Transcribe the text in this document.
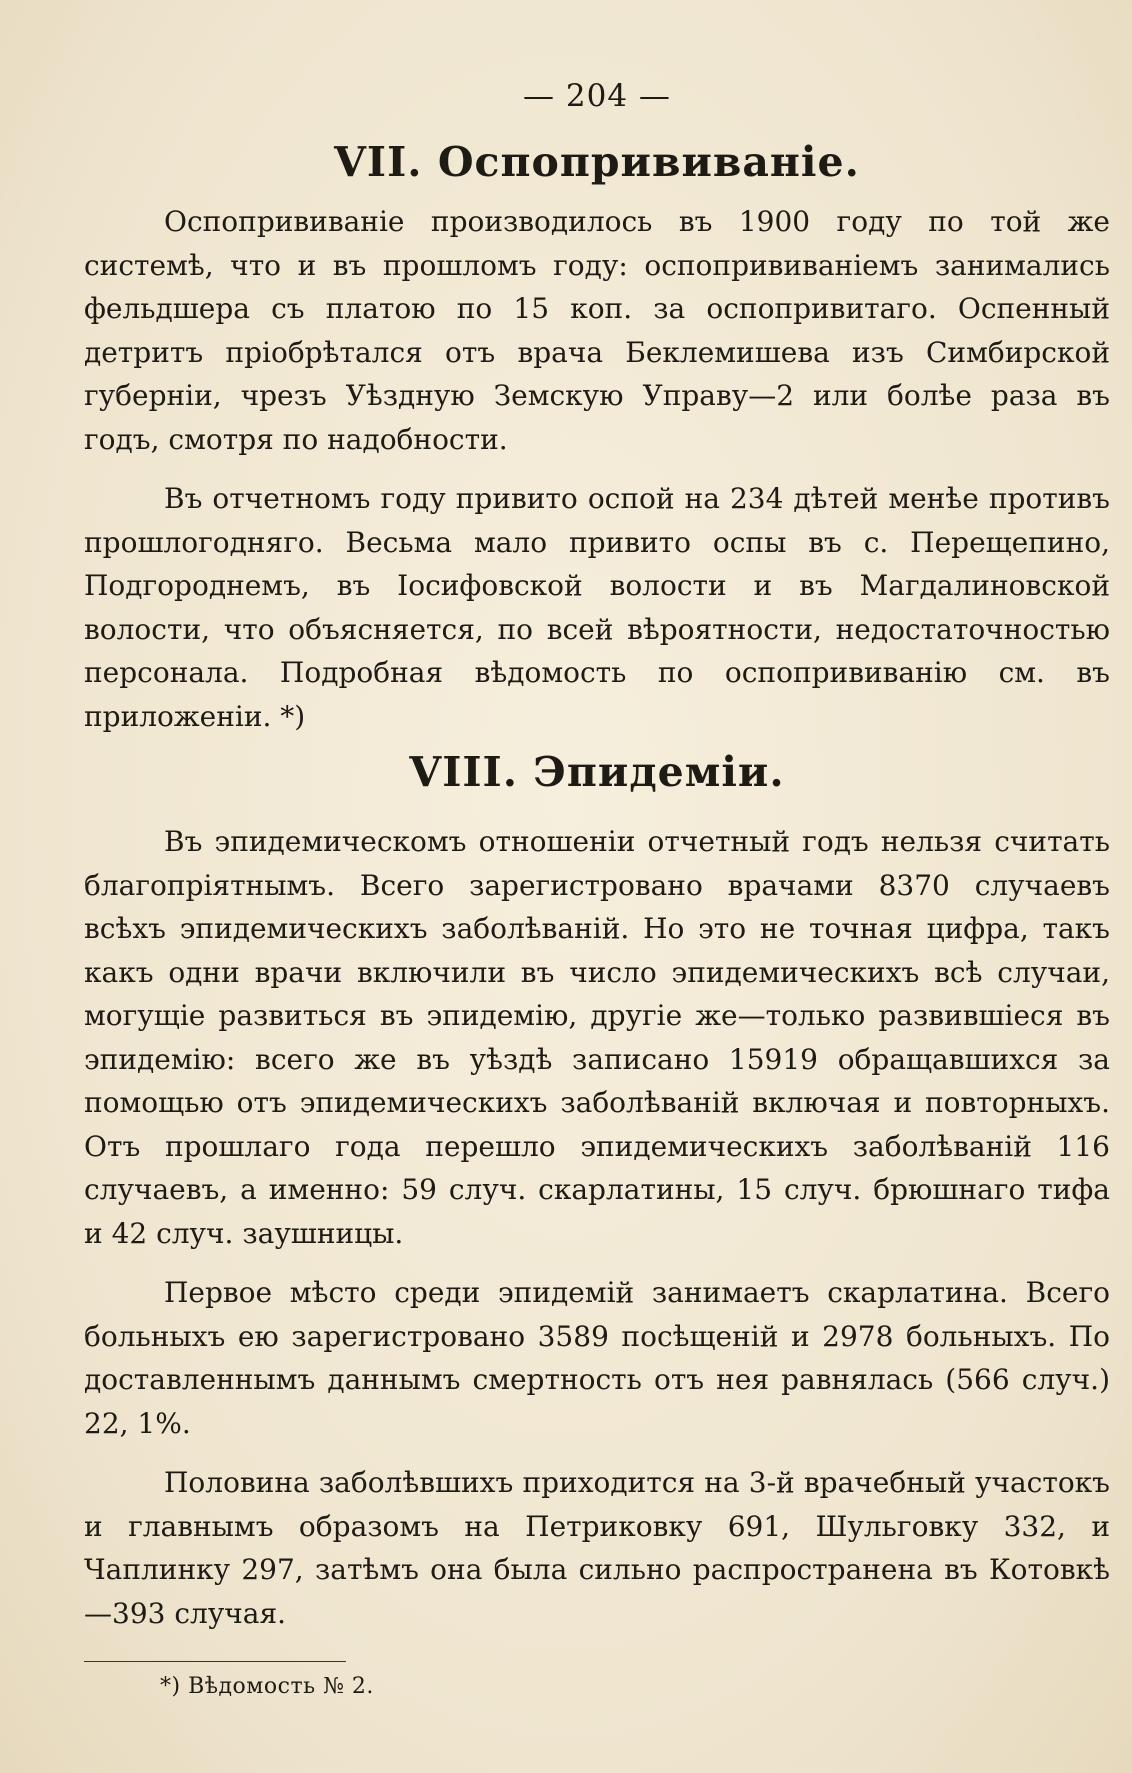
— 204 —
VII. Оспопрививаніе.

Оспопрививаніе производилось въ 1900 году по той же системѣ, что и въ прошломъ году: оспопрививаніемъ занимались фельдшера съ платою по 15 коп. за оспопривитаго. Оспенный детритъ пріобрѣтался отъ врача Беклемишева изъ Симбирской губерніи, чрезъ Уѣздную Земскую Управу—2 или болѣе раза въ годъ, смотря по надобности.

Въ отчетномъ году привито оспой на 234 дѣтей менѣе противъ прошлогодняго. Весьма мало привито оспы въ с. Перещепино, Подгороднемъ, въ Іосифовской волости и въ Магдалиновской волости, что объясняется, по всей вѣроятности, недостаточностью персонала. Подробная вѣдомость по оспопрививанію см. въ приложеніи. *)

VIII. Эпидеміи.

Въ эпидемическомъ отношеніи отчетный годъ нельзя считать благопріятнымъ. Всего зарегистровано врачами 8370 случаевъ всѣхъ эпидемическихъ заболѣваній. Но это не точная цифра, такъ какъ одни врачи включили въ число эпидемическихъ всѣ случаи, могущіе развиться въ эпидемію, другіе же—только развившіеся въ эпидемію: всего же въ уѣздѣ записано 15919 обращавшихся за помощью отъ эпидемическихъ заболѣваній включая и повторныхъ. Отъ прошлаго года перешло эпидемическихъ заболѣваній 116 случаевъ, а именно: 59 случ. скарлатины, 15 случ. брюшнаго тифа и 42 случ. заушницы.

Первое мѣсто среди эпидемій занимаетъ скарлатина. Всего больныхъ ею зарегистровано 3589 посѣщеній и 2978 больныхъ. По доставленнымъ даннымъ смертность отъ нея равнялась (566 случ.) 22, 1%.

Половина заболѣвшихъ приходится на 3-й врачебный участокъ и главнымъ образомъ на Петриковку 691, Шульговку 332, и Чаплинку 297, затѣмъ она была сильно распространена въ Котовкѣ—393 случая.

*) Вѣдомость № 2.
